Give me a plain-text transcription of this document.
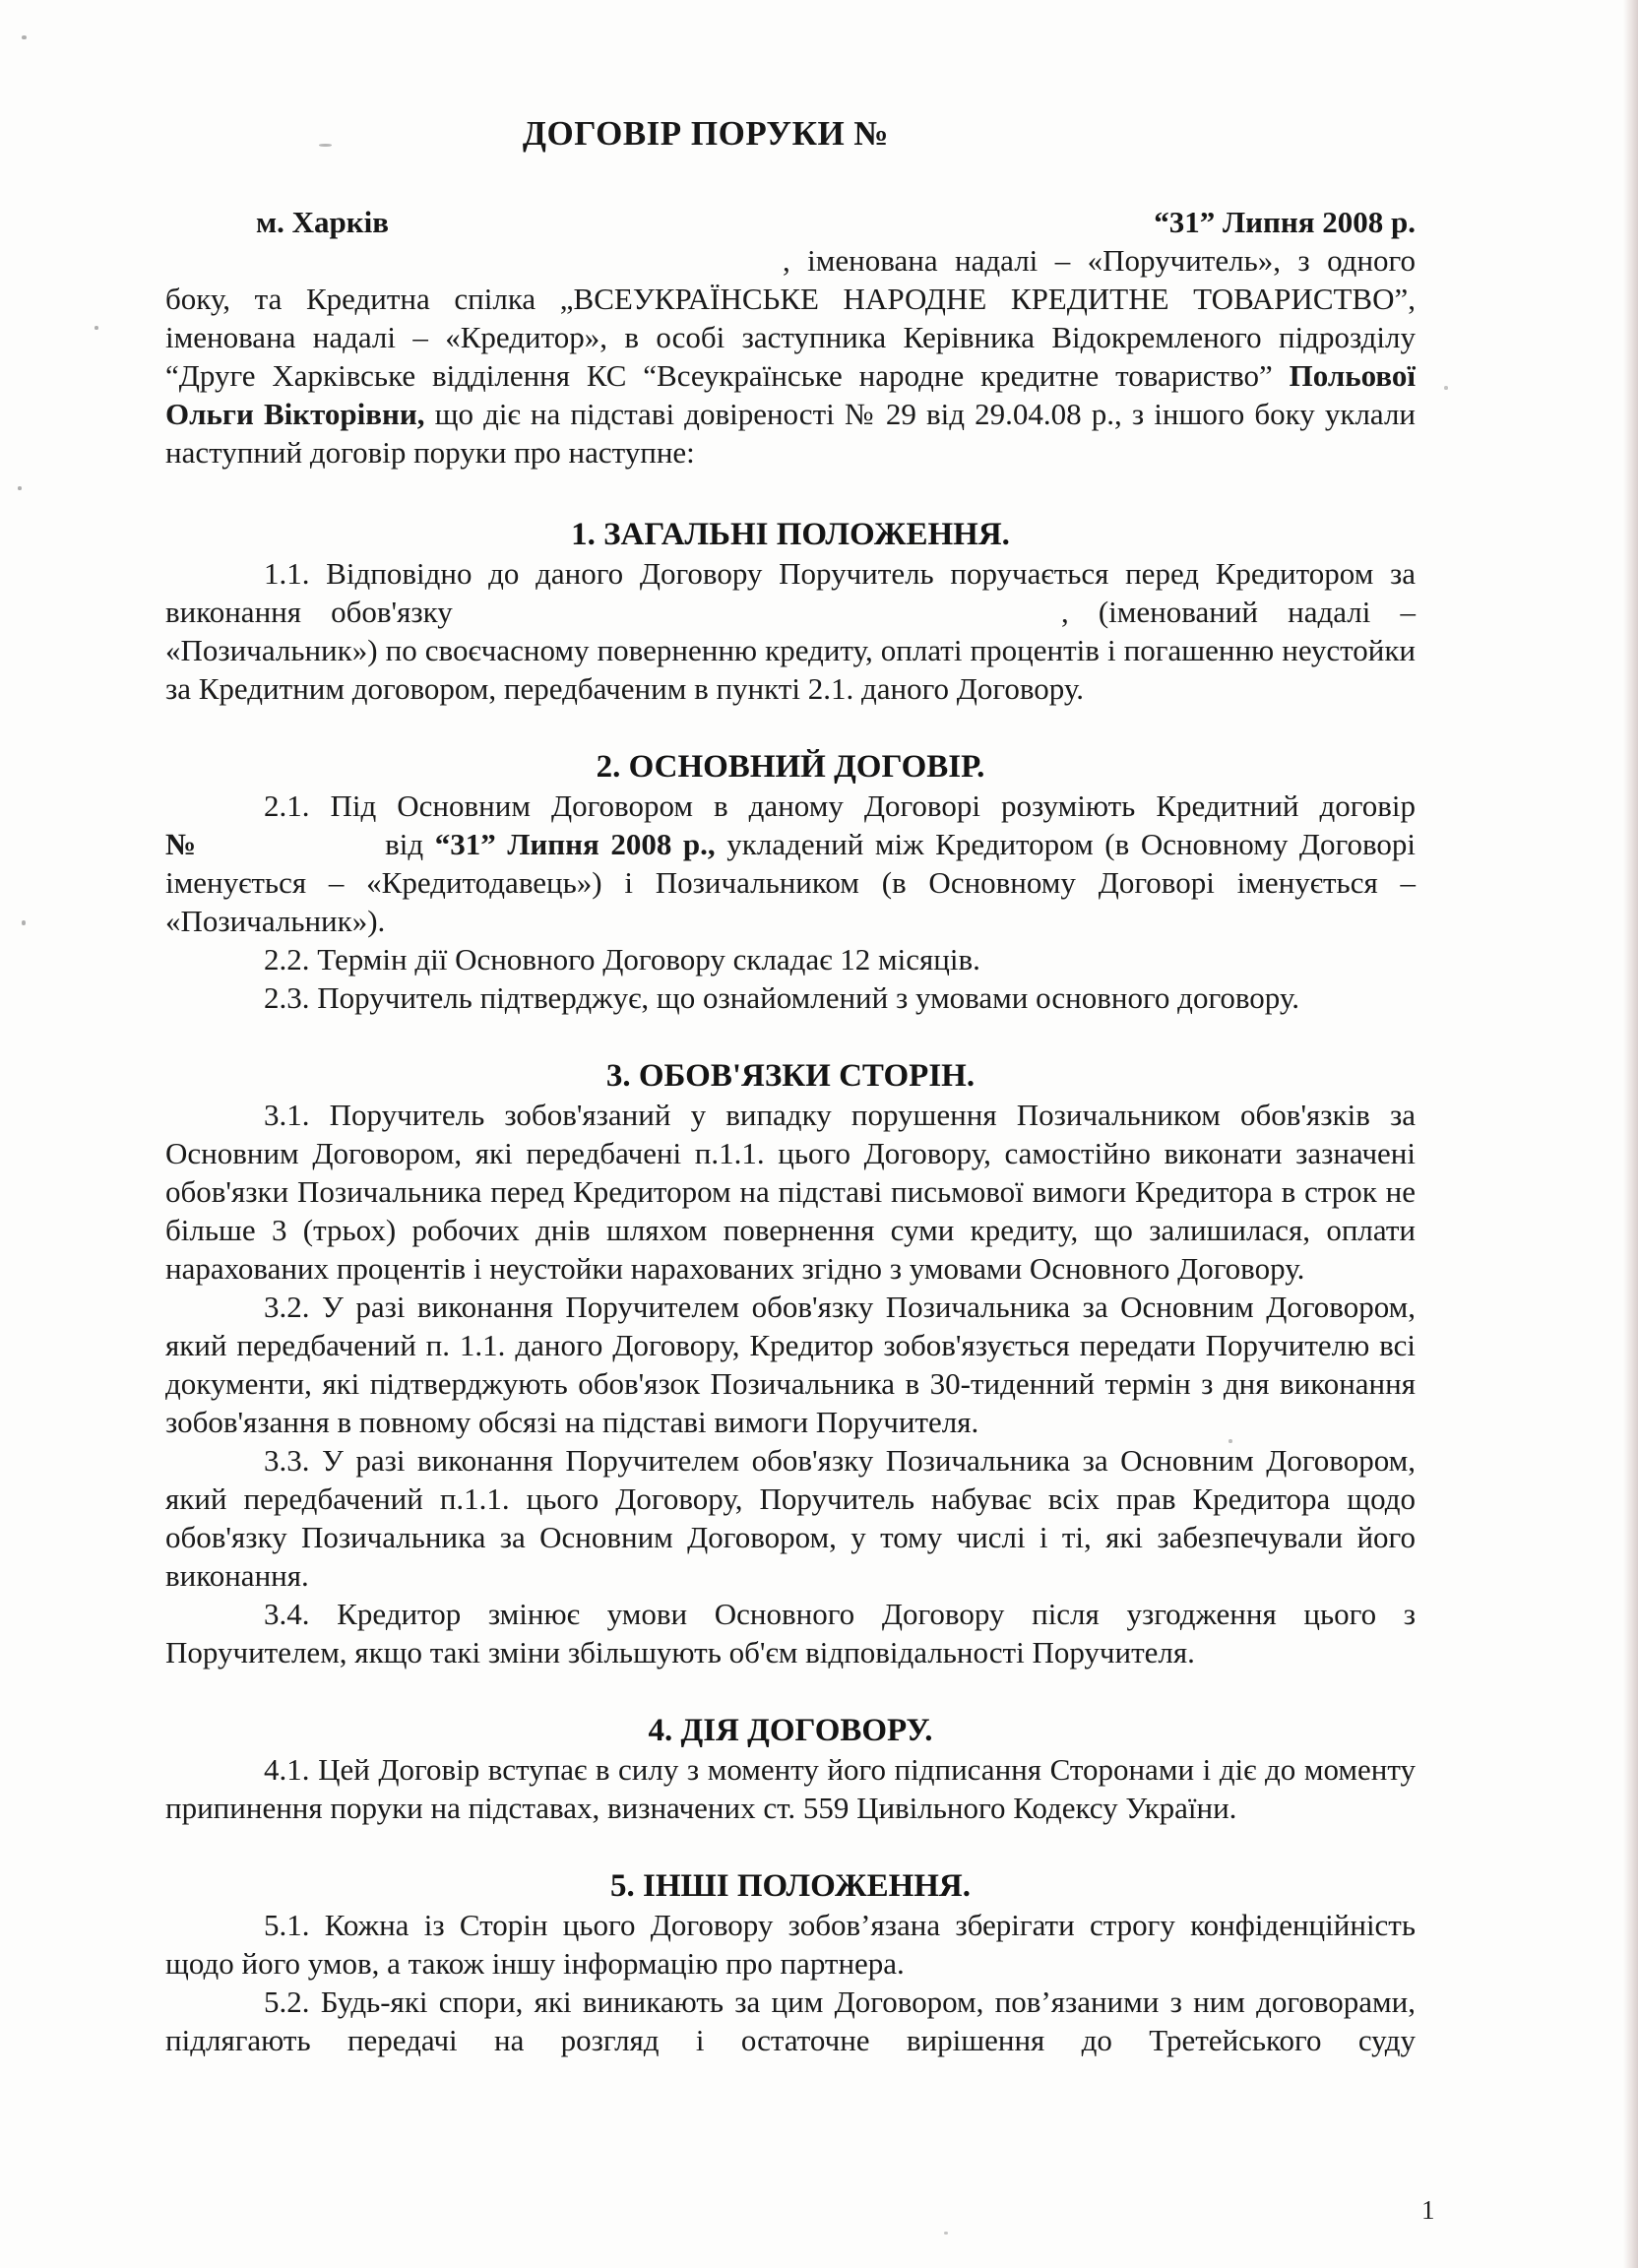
ДОГОВІР ПОРУКИ №
м. Харків	“31” Липня 2008 р.

, іменована надалі – «Поручитель», з одного боку, та Кредитна спілка „ВСЕУКРАЇНСЬКЕ НАРОДНЕ КРЕДИТНЕ ТОВАРИСТВО”, іменована надалі – «Кредитор», в особі заступника Керівника Відокремленого підрозділу “Друге Харківське відділення КС “Всеукраїнське народне кредитне товариство” Польової Ольги Вікторівни, що діє на підставі довіреності № 29 від 29.04.08 р., з іншого боку уклали наступний договір поруки про наступне:

1. ЗАГАЛЬНІ ПОЛОЖЕННЯ.

1.1. Відповідно до даного Договору Поручитель поручається перед Кредитором за виконання обов'язку	, (іменований надалі – «Позичальник») по своєчасному поверненню кредиту, оплаті процентів і погашенню неустойки за Кредитним договором, передбаченим в пункті 2.1. даного Договору.

2. ОСНОВНИЙ ДОГОВІР.

2.1. Під Основним Договором в даному Договорі розуміють Кредитний договір

№	від “31” Липня 2008 р., укладений між Кредитором (в Основному Договорі іменується – «Кредитодавець») і Позичальником (в Основному Договорі іменується – «Позичальник»).

2.2. Термін дії Основного Договору складає 12 місяців.

2.3. Поручитель підтверджує, що ознайомлений з умовами основного договору.

3. ОБОВ'ЯЗКИ СТОРІН.

3.1. Поручитель зобов'язаний у випадку порушення Позичальником обов'язків за Основним Договором, які передбачені п.1.1. цього Договору, самостійно виконати зазначені обов'язки Позичальника перед Кредитором на підставі письмової вимоги Кредитора в строк не більше 3 (трьох) робочих днів шляхом повернення суми кредиту, що залишилася, оплати нарахованих процентів і неустойки нарахованих згідно з умовами Основного Договору.

3.2. У разі виконання Поручителем обов'язку Позичальника за Основним Договором, який передбачений п. 1.1. даного Договору, Кредитор зобов'язується передати Поручителю всі документи, які підтверджують обов'язок Позичальника в 30-тиденний термін з дня виконання зобов'язання в повному обсязі на підставі вимоги Поручителя.

3.3. У разі виконання Поручителем обов'язку Позичальника за Основним Договором, який передбачений п.1.1. цього Договору, Поручитель набуває всіх прав Кредитора щодо обов'язку Позичальника за Основним Договором, у тому числі і ті, які забезпечували його виконання.

3.4. Кредитор змінює умови Основного Договору після узгодження цього з Поручителем, якщо такі зміни збільшують об'єм відповідальності Поручителя.

4. ДІЯ ДОГОВОРУ.

4.1. Цей Договір вступає в силу з моменту його підписання Сторонами і діє до моменту припинення поруки на підставах, визначених ст. 559 Цивільного Кодексу України.

5. ІНШІ ПОЛОЖЕННЯ.

5.1. Кожна із Сторін цього Договору зобов’язана зберігати строгу конфіденційність щодо його умов, а також іншу інформацію про партнера.

5.2. Будь-які спори, які виникають за цим Договором, пов’язаними з ним договорами, підлягають передачі на розгляд і остаточне вирішення до Третейського суду

1
